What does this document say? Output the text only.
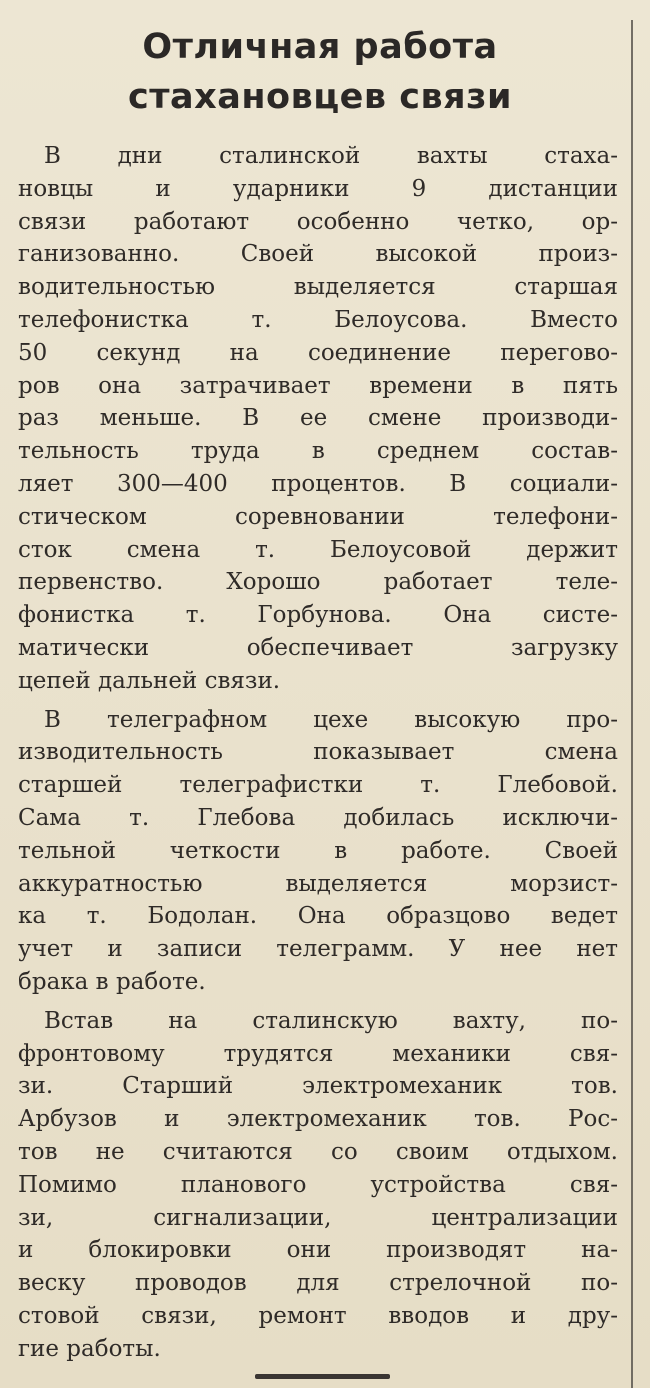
Отличная работа
стахановцев связи
В дни сталинской вахты стаха-
новцы и ударники 9 дистанции
связи работают особенно четко, ор-
ганизованно. Своей высокой произ-
водительностью выделяется старшая
телефонистка т. Белоусова. Вместо
50 секунд на соединение перегово-
ров она затрачивает времени в пять
раз меньше. В ее смене производи-
тельность труда в среднем состав-
ляет 300—400 процентов. В социали-
стическом соревновании телефони-
сток смена т. Белоусовой держит
первенство. Хорошо работает теле-
фонистка т. Горбунова. Она систе-
матически обеспечивает загрузку
цепей дальней связи.
В телеграфном цехе высокую про-
изводительность показывает смена
старшей телеграфистки т. Глебовой.
Сама т. Глебова добилась исключи-
тельной четкости в работе. Своей
аккуратностью выделяется морзист-
ка т. Бодолан. Она образцово ведет
учет и записи телеграмм. У нее нет
брака в работе.
Встав на сталинскую вахту, по-
фронтовому трудятся механики свя-
зи. Старший электромеханик тов.
Арбузов и электромеханик тов. Рос-
тов не считаются со своим отдыхом.
Помимо планового устройства свя-
зи, сигнализации, централизации
и блокировки они производят на-
веску проводов для стрелочной по-
стовой связи, ремонт вводов и дру-
гие работы.
